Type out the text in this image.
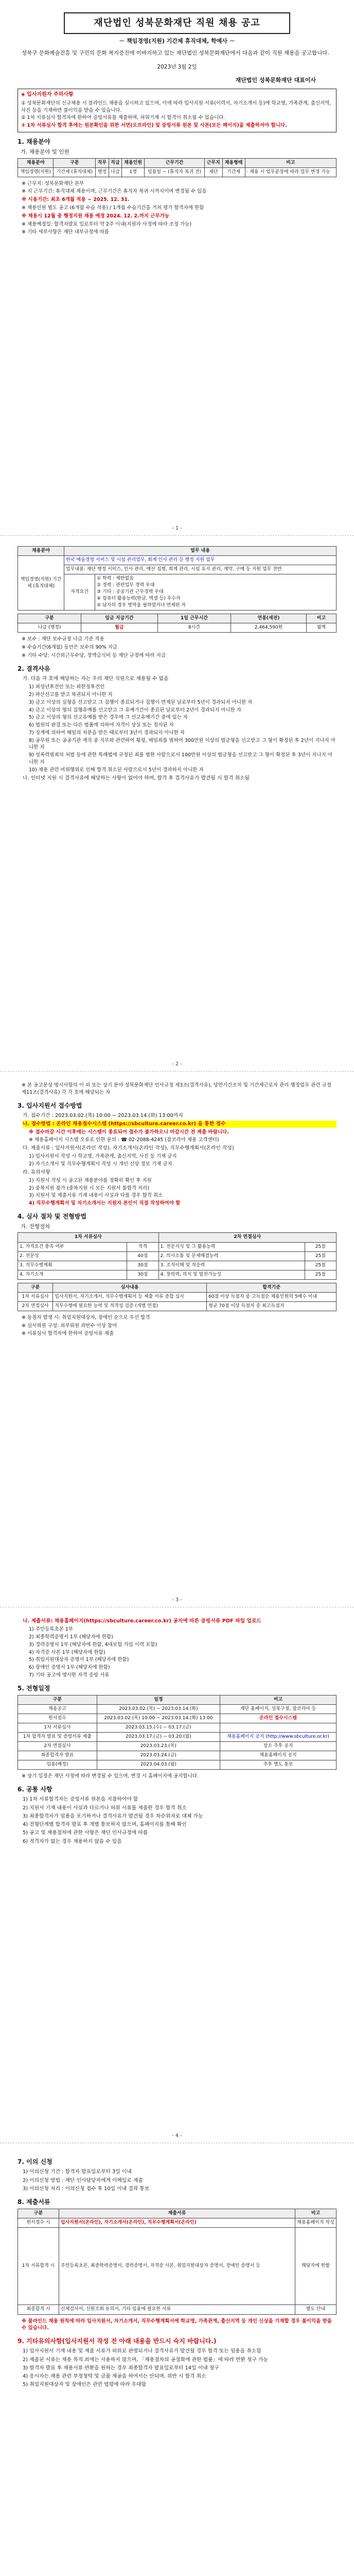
재단법인 성북문화재단 직원 채용 공고
－ 책임경영(지원) 기간제 휴직대체, 학예사 －

성북구 문화예술진흥 및 구민의 문화 복지증진에 이바지하고 있는 재단법인 성북문화재단에서 다음과 같이 직원 채용을 공고합니다.

2023년 3월 2일

재단법인 성북문화재단 대표이사

◈ 입사지원자 주의사항

① 성북문화재단의 신규채용 시 블라인드 채용을 실시하고 있으며, 이에 따라 입사지원 서류(이력서, 자기소개서 등)에 학교명, 가족관계, 출신지역, 사진 등을 기재하면 불이익을 받을 수 있습니다.

② 1차 서류심사 합격자에 한하여 증빙서류를 제출하며, 허위기재 시 합격이 취소될 수 있습니다.

③ 1차 서류심사 합격 후에는 원본확인을 위한 서면(오프라인) 및 증빙서류 원본 및 사본(모든 페이지)을 제출하셔야 합니다.

1. 채용분야
가. 채용분야 및 인원
채용분야	구분	직무	직급	채용인원	근무기간	근무지	채용형태	비고
책임경영(지원)	기간제 (휴직대체)	행정	나급	1명	임용일 ~ (휴직자 복귀 전)	재단	기간제	· 채용 시 업무분장에 따라 업무 변경 가능

※ 근무지: 성북문화재단 본부

※ 지 근무기간: 휴직대체 채용이며, 근무기간은 휴직자 복귀 시까지이며 변경될 수 있음

※ 시용기간: 최초 6개월 적용 ~ 2025. 12. 31.

※ 채용인원 별도 공고 (6개월 수습 적용) / 1개월 수습기간을 거쳐 평가 합격자에 한함

※ 채용시 12월 중 행정지원 채용 예정 2024. 12. 2.까지 근무가능

※ 채용예정일: 합격자발표 일로부터 약 2주 이내(지원자 사정에 따라 조정 가능)

※ 기타 세부사항은 재단 내부규정에 따름

- 1 -
채용분야	업무 내용	
책임경영(지원) 기간제 (휴직대체)	한국 예술경영 서비스 및 시설 관리업무, 회계 인사 관리 등 행정 지원 업무	
	업무내용: 재단 행정 서비스, 인사 관리, 예산 집행, 회계 관리, 시설 유지 관리, 계약, 구매 등 지원 업무 전반	
	자격요건	① 학력 : 제한없음
② 경력 : 관련업무 경력 우대
③ 기타 : 공공기관 근무경력 우대
④ 컴퓨터 활용능력(한글, 엑셀 등) 우수자
⑤ 남자의 경우 병역을 필하였거나 면제된 자
구분	임금 지급기간	1일 근무시간	연봉(세전)	비고
나급 (행정)	월급	8시간	2,464,590원	월액

※ 보수 : 재단 보수규정 나급 기준 적용

※ 수습기간(6개월) 동안은 보수의 90% 지급

※ 기타 수당: 시간외근무수당, 정액급식비 등 재단 규정에 따라 지급

2. 결격사유

가. 다음 각 호에 해당하는 자는 우리 재단 직원으로 채용될 수 없음

1) 피성년후견인 또는 피한정후견인

2) 파산선고를 받고 복권되지 아니한 자

3) 금고 이상의 실형을 선고받고 그 집행이 종료되거나 집행이 면제된 날로부터 5년이 경과되지 아니한 자

4) 금고 이상의 형의 집행유예를 선고받고 그 유예기간이 종료된 날로부터 2년이 경과되지 아니한 자

5) 금고 이상의 형의 선고유예를 받은 경우에 그 선고유예기간 중에 있는 자

6) 법원의 판결 또는 다른 법률에 의하여 자격이 상실 또는 정지된 자

7) 징계에 의하여 해임의 처분을 받은 때로부터 3년이 경과되지 아니한 자

8) 공무원 또는 공공기관 재직 중 직무와 관련하여 횡령, 배임죄를 범하여 300만원 이상의 벌금형을 선고받고 그 형이 확정된 후 2년이 지나지 아니한 자

9) 성폭력범죄의 처벌 등에 관한 특례법에 규정된 죄를 범한 사람으로서 100만원 이상의 벌금형을 선고받고 그 형이 확정된 후 3년이 지나지 아니한 자

10) 채용 관련 비위행위로 인해 합격 취소된 사람으로서 5년이 경과하지 아니한 자

나. 인터넷 지원 시 결격사유에 해당하는 사항이 없어야 하며, 합격 후 결격사유가 발견될 시 합격 취소됨

- 2 -

※ 본 공고문상 명시사항의 이 외 또는 상기 분야 성북문화재단 인사규정 제3조(결격사유), 당연기간조치 및 기간제근로자 관리 행정업무 관련 규정 제11조(결격사유) 각 각 호에 해당되는 자

3. 입사지원서 접수방법

가. 접수기간 : 2023.03.02.(목) 10:00 ~ 2023.03.14.(화) 13:00까지

나. 접수방법 : 온라인 채용접수시스템 (https://sbculture.career.co.kr) 을 통한 접수

※ 접수마감 시간 이후에는 시스템이 종료되어 접수가 불가하오니 마감시간 전 제출 바랍니다.

※ 채용홈페이지 시스템 오류로 인한 문의 : ☎ 02-2088-4245 (잡코리아 채용 고객센터)

다. 제출서류 : 입사지원서(온라인 작성), 자기소개서(온라인 작성), 직무수행계획서(온라인 작성)

1) 입사지원서 작성 시 학교명, 가족관계, 출신지역, 사진 등 기재 금지

2) 자기소개서 및 직무수행계획서 작성 시 개인 신상 정보 기재 금지

라. 유의사항

1) 지원서 작성 시 공고된 채용분야를 정확히 확인 후 지원

2) 중복지원 불가 (중복지원 시 모든 지원서 불합격 처리)

3) 지원서 및 제출서류 기재 내용이 사실과 다를 경우 합격 취소

4) 직무수행계획서 및 자기소개서는 지원자 본인이 직접 작성하여야 함

4. 심사 절차 및 전형방법
가. 전형절차
1차 서류심사		2차 면접심사	
1. 자격요건 충족 여부	적격	1. 전문지식 및 그 활용능력	25점
2. 전문성	40점	2. 의사소통 및 문제해결능력	25점
3. 직무수행계획	30점	3. 조직이해 및 적응력	25점
4. 자기소개	30점	4. 창의력, 의지 및 발전가능성	25점
구분	심사내용	합격기준
1차 서류심사	입사지원서, 자기소개서, 직무수행계획서 등 제출 서류 종합 심사	60점 이상 득점자 중 고득점순 채용인원의 5배수 이내
2차 면접심사	직무수행에 필요한 능력 및 적격성 검증 (개별 면접)	평균 70점 이상 득점자 중 최고득점자

※ 동점자 발생 시: 취업지원대상자, 장애인 순으로 우선 합격

※ 심사위원 구성: 외부위원 과반수 이상 참여

※ 서류심사 합격자에 한하여 증빙서류 제출

- 3 -

나. 제출서류: 채용홈페이지(https://sbculture.career.co.kr) 공지에 따른 증빙서류 PDF 파일 업로드

1) 주민등록초본 1부

2) 최종학력증명서 1부 (해당자에 한함)

3) 경력증명서 1부 (해당자에 한함, 4대보험 가입 이력 포함)

4) 자격증 사본 1부 (해당자에 한함)

5) 취업지원대상자 증명서 1부 (해당자에 한함)

6) 장애인 증명서 1부 (해당자에 한함)

7) 기타 공고에 명시한 자격 증빙 서류

5. 전형일정
구분	일정	비고
채용공고	2023.03.02.(목) ~ 2023.03.14.(화)	재단 홈페이지, 성북구청, 잡코리아 등
원서접수	2023.03.02.(목) 10:00 ~ 2023.03.14.(화) 13:00	온라인 접수시스템
1차 서류심사	2023.03.15.(수) ~ 03.17.(금)	
1차 합격자 발표 및 증빙서류 제출	2023.03.17.(금) ~ 03.20.(월)	채용홈페이지 공지 (http://www.sbculture.or.kr)
2차 면접심사	2023.03.23.(목)	장소 추후 공지
최종합격자 발표	2023.03.24.(금)	채용홈페이지 공지
임용(예정)	2023.04.03.(월)	추후 별도 통보

※ 상기 일정은 재단 사정에 따라 변경될 수 있으며, 변경 시 홈페이지에 공지합니다.

6. 공통 사항

1) 1차 서류합격자는 증빙서류 원본을 지참하여야 함

2) 지원서 기재 내용이 사실과 다르거나 허위 서류를 제출한 경우 합격 취소

3) 최종합격자가 임용을 포기하거나 결격사유가 발견될 경우 차순위자로 대체 가능

4) 전형단계별 합격자 발표 후 개별 통보하지 않으며, 홈페이지를 통해 확인

5) 공고 및 채용절차에 관한 사항은 재단 인사규정에 따름

6) 적격자가 없는 경우 채용하지 않을 수 있음

- 4 -
7. 이의 신청

1) 이의신청 기간 : 합격자 발표일로부터 3일 이내

2) 이의신청 방법 : 재단 인사담당자에게 이메일로 제출

3) 이의신청 처리 : 이의신청 접수 후 10일 이내 결과 통보

8. 제출서류
구분	제출서류	비고
원서접수 시	입사지원서(온라인), 자기소개서(온라인), 직무수행계획서(온라인)	채용홈페이지 작성
1차 서류합격 시	주민등록초본, 최종학력증명서, 경력증명서, 자격증 사본, 취업지원대상자 증명서, 장애인 증명서 등	해당자에 한함
최종합격 시	신체검사서, 신원조회 동의서, 기타 임용에 필요한 서류	별도 안내

※ 블라인드 채용 원칙에 따라 입사지원서, 자기소개서, 직무수행계획서에 학교명, 가족관계, 출신지역 등 개인 신상을 기재할 경우 불이익을 받을 수 있습니다.

9. 기타유의사항(입사지원서 작성 전 아래 내용을 반드시 숙지 바랍니다.)

1) 입사지원서 기재 내용 및 제출 서류가 허위로 판명되거나 결격사유가 발견될 경우 합격 또는 임용을 취소함

2) 제출된 서류는 채용 목적 외에는 사용하지 않으며, 「채용절차의 공정화에 관한 법률」에 따라 반환 청구 가능

3) 합격자 발표 후 채용서류 반환을 원하는 경우 최종합격자 발표일로부터 14일 이내 청구

4) 응시자는 채용 관련 부정청탁 및 금품 제공을 하여서는 안되며, 위반 시 합격 취소

5) 취업지원대상자 및 장애인은 관련 법령에 따라 우대함
